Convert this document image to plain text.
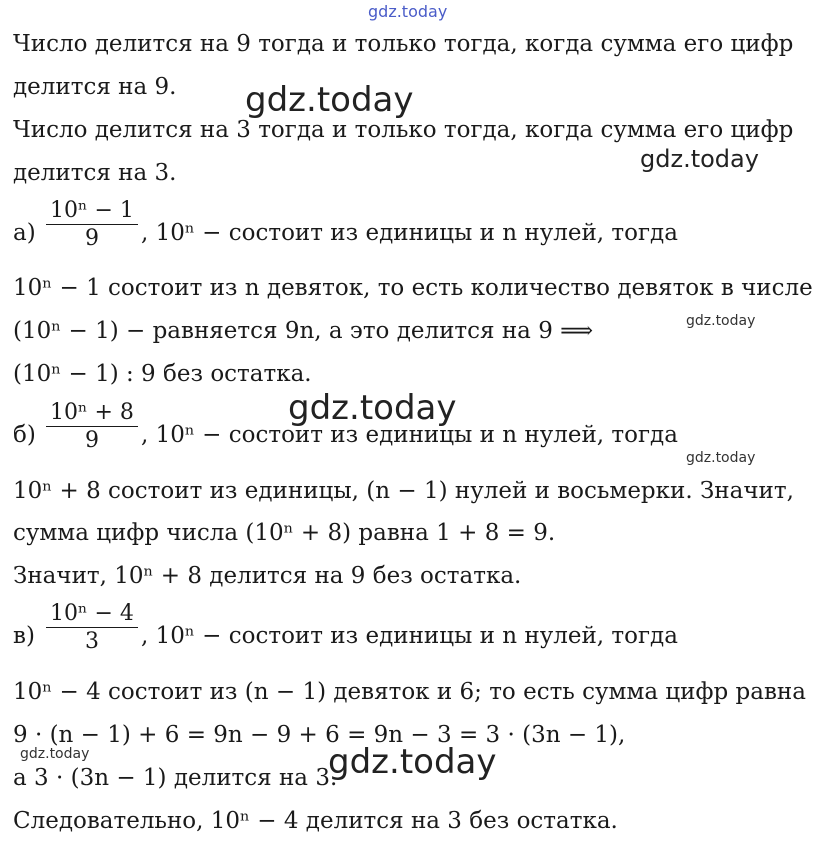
gdz.today
gdz.today
gdz.today
gdz.today
gdz.today
gdz.today
gdz.today	gdz.today
Число делится на 9 тогда и только тогда, когда сумма его цифр
делится на 9.
Число делится на 3 тогда и только тогда, когда сумма его цифр
делится на 3.
а)
10ⁿ − 1
9	, 10ⁿ − состоит из единицы и n нулей, тогда
10ⁿ − 1 состоит из n девяток, то есть количество девяток в числе
(10ⁿ − 1) − равняется 9n, а это делится на 9 ⟹
(10ⁿ − 1) : 9 без остатка.
б)
10ⁿ + 8
9	, 10ⁿ − состоит из единицы и n нулей, тогда
10ⁿ + 8 состоит из единицы, (n − 1) нулей и восьмерки. Значит,
сумма цифр числа (10ⁿ + 8) равна 1 + 8 = 9.
Значит, 10ⁿ + 8 делится на 9 без остатка.
в)
10ⁿ − 4
3	, 10ⁿ − состоит из единицы и n нулей, тогда
10ⁿ − 4 состоит из (n − 1) девяток и 6; то есть сумма цифр равна
9 · (n − 1) + 6 = 9n − 9 + 6 = 9n − 3 = 3 · (3n − 1),
а 3 · (3n − 1) делится на 3.
Следовательно, 10ⁿ − 4 делится на 3 без остатка.
